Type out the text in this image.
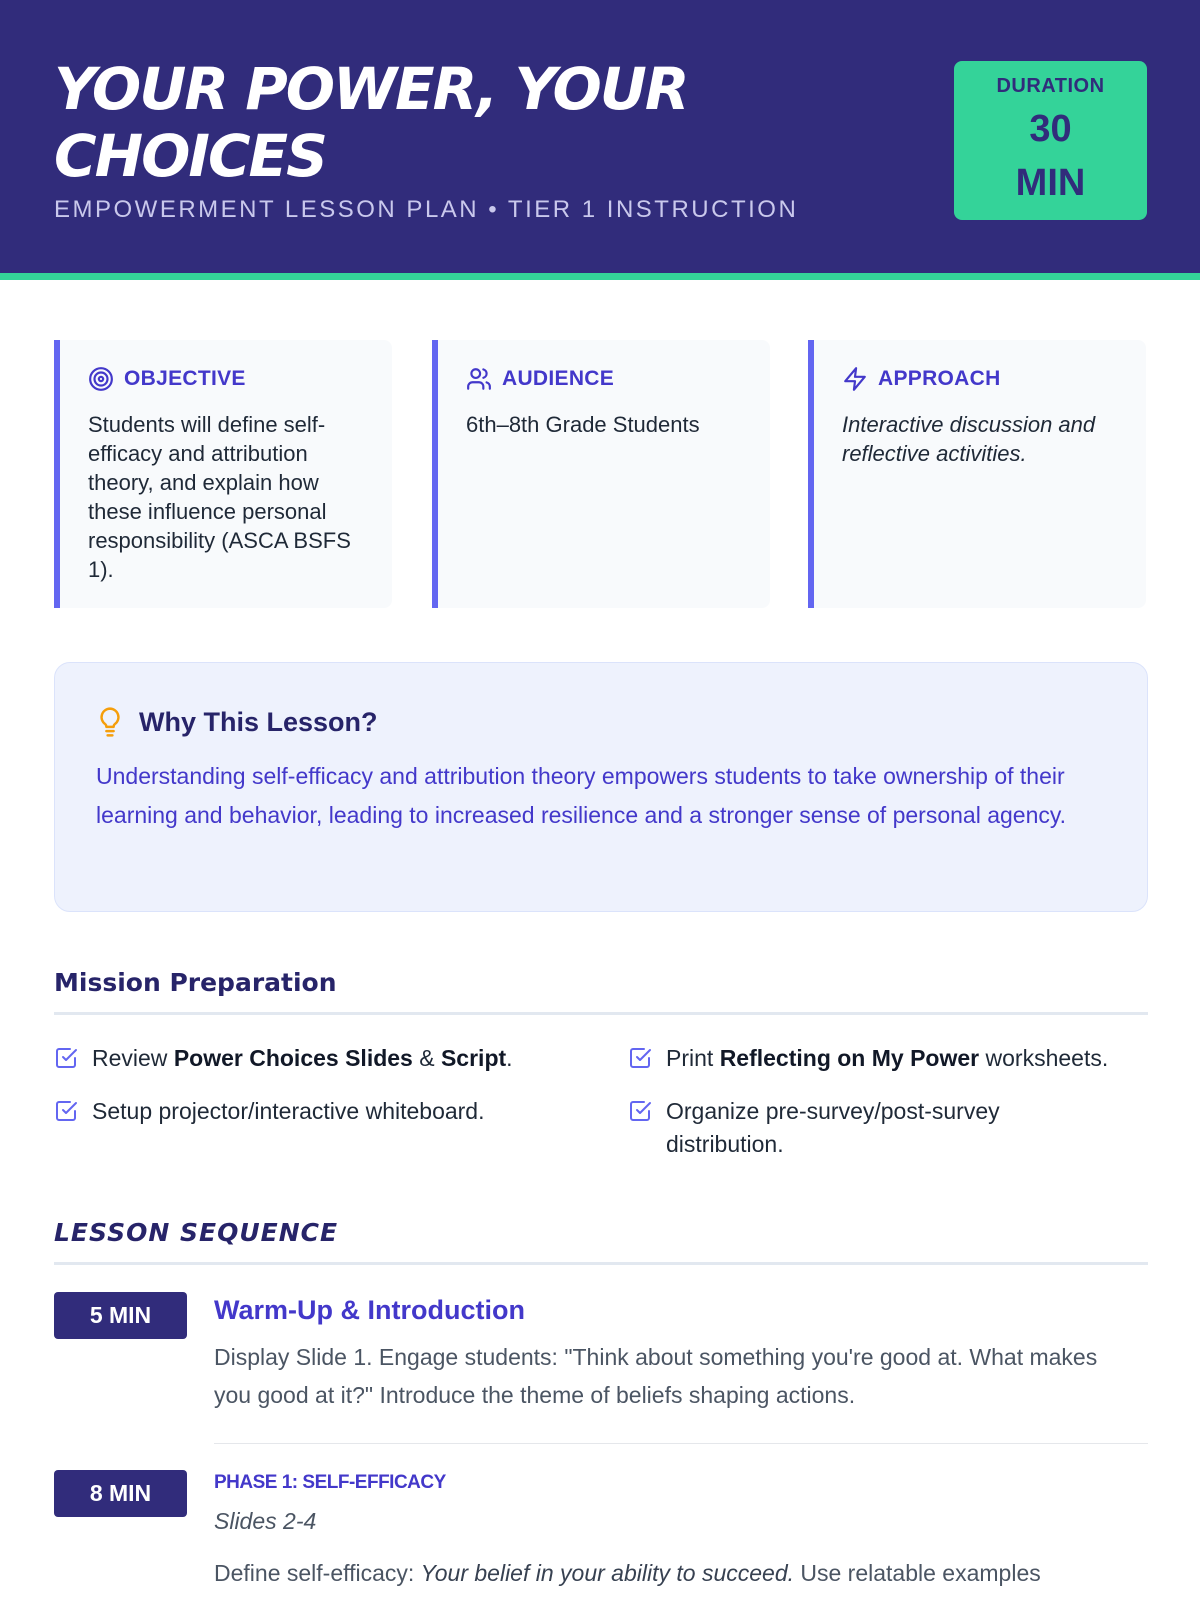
YOUR POWER, YOUR CHOICES
EMPOWERMENT LESSON PLAN • TIER 1 INSTRUCTION
DURATION
30 MIN
OBJECTIVE
Students will define self-efficacy and attribution theory, and explain how these influence personal responsibility (ASCA BSFS 1).
AUDIENCE
6th–8th Grade Students
APPROACH
Interactive discussion and reflective activities.
Why This Lesson?
Understanding self-efficacy and attribution theory empowers students to take ownership of their learning and behavior, leading to increased resilience and a stronger sense of personal agency.
Mission Preparation
Review Power Choices Slides & Script.	Print Reflecting on My Power worksheets.
Setup projector/interactive whiteboard.	Organize pre-survey/post-survey distribution.
LESSON SEQUENCE
5 MIN	Warm-Up & Introduction
Display Slide 1. Engage students: "Think about something you're good at. What makes you good at it?" Introduce the theme of beliefs shaping actions.
8 MIN	PHASE 1: SELF-EFFICACY
Slides 2-4
Define self-efficacy: Your belief in your ability to succeed. Use relatable examples
